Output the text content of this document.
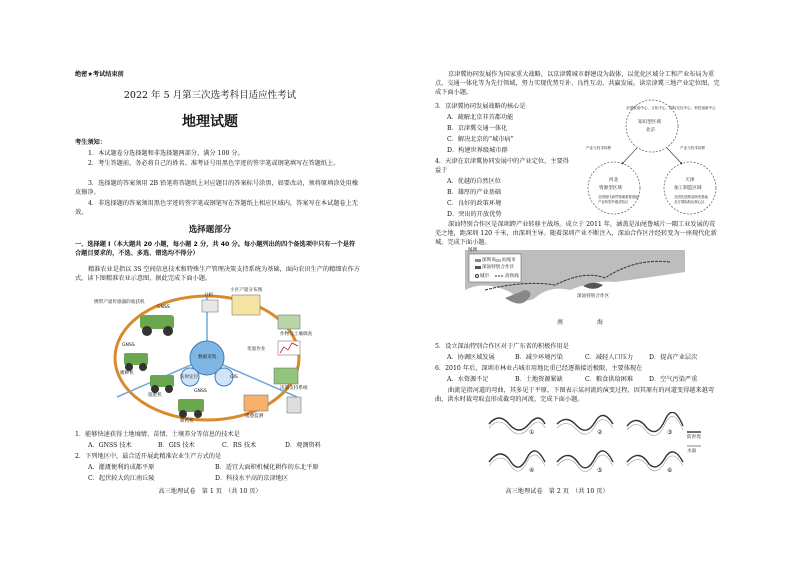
绝密★考试结束前
2022 年 5 月第三次选考科目适应性考试
地理试题
考生须知：
1．本试题卷分选择题和非选择题两部分，满分 100 分。
2．考生答题前，务必将自己的姓名、准考证号用黑色字迹的签字笔或钢笔填写在答题纸上。
3．选择题的答案须用 2B 铅笔将答题纸上对应题目的答案标号涂黑，如要改动，须将原填涂处用橡皮擦净。
4．非选择题的答案须用黑色字迹的签字笔或钢笔写在答题纸上相应区域内，答案写在本试题卷上无效。
选择题部分
一、选择题 Ⅰ（本大题共 20 小题，每小题 2 分，共 40 分。每小题列出的四个备选项中只有一个是符合题目要求的，不选、多选、错选均不得分）
精准农业是指以 3S 空间信息技术和特殊生产管理决策支持系统为基础，面向农田生产的精细农作方式。读下图精准农业示意图，据此完成下面小题。
携带产量传感器的收获机
GNSS
GNSS
GNSS
播种机
施肥机
喷药机
分析
小区产量分布图
作物与土壤调查
数据采集
GIS
决策支持系统
实时定位
遥感监测
变量作业
1．能够快速获得土地墒情、苗情、土壤养分等信息的技术是
A．GNSS 技术	B．GIS 技术	C．RS 技术	D．观测资料
2．下列地区中，最合适开展此精准农业生产方式的是
A．灌溉便利的成都平原	B．适宜大面积机械化耕作的东北平原
C．起伏较大的江南丘陵	D．科技水平高的京津地区
高三地理试卷　第 1 页　（共 10 页）
京津冀协同发展作为国家重大战略，以京津冀城市群建设为载体，以优化区域分工和产业布局为重点，交通一体化等为先行领域，努力实现优势互补、良性互动、共赢发展。读京津冀三地产业定位图，完成下面小题。
3．京津冀协同发展战略的核心是
A．疏解北京非首都功能
B．京津冀交通一体化
C．解决北京的“城市病”
D．构建世界级城市群
4．天津在京津冀协同发展中的产业定位，主要得益于
A．优越的自然区位
B．雄厚的产业基础
C．良好的政策环境
D．突出的开放优势
全国政治中心、文化中心、国际交往中心、科技创新中心
知识型区域
北京
河北
资源型区域
天津
加工制造区域
产业与技术转移	产业与技术转移
全国现代商贸物流重要基地
产业转型升级试验区
全国先进制造研发基地
北方国际航运核心区
深汕特别合作区是深圳跨产业转移主战场。成立于 2011 年，涵盖是汕尾鲁城片一隅工业发展的荒芜之地，距深圳 120 千米，由深圳主导。随着深圳产业不断注入，深汕合作区注经转变为一座现代化新城。完成下面小题。
图例
深圳市 汕尾市
深汕特别合作区
城市	高铁线
深汕特别合作区
南	海
5．设立深汕特别合作区对于广东省的积极作用是
A．协调区域发展	B．减少环境污染	C．减轻人口压力	D．提高产业层次
6．2010 年后，深圳市林业占城市用地比重已经逐渐接近极限，主要体现在
A．水资源不足	B．土地资源紧缺	C．粮食供给困难	D．空气污染严重
曲流是指河道的弯曲，其多见于平原。下图表示某河流的演变过程，因其原有的河道变得越来越弯曲，洪水时裁弯取直形成截弯的河流，完成下面小题。
①	②	③
④	⑤	⑥
防洪堤
水面
高三地理试卷　第 2 页　（共 10 页）
